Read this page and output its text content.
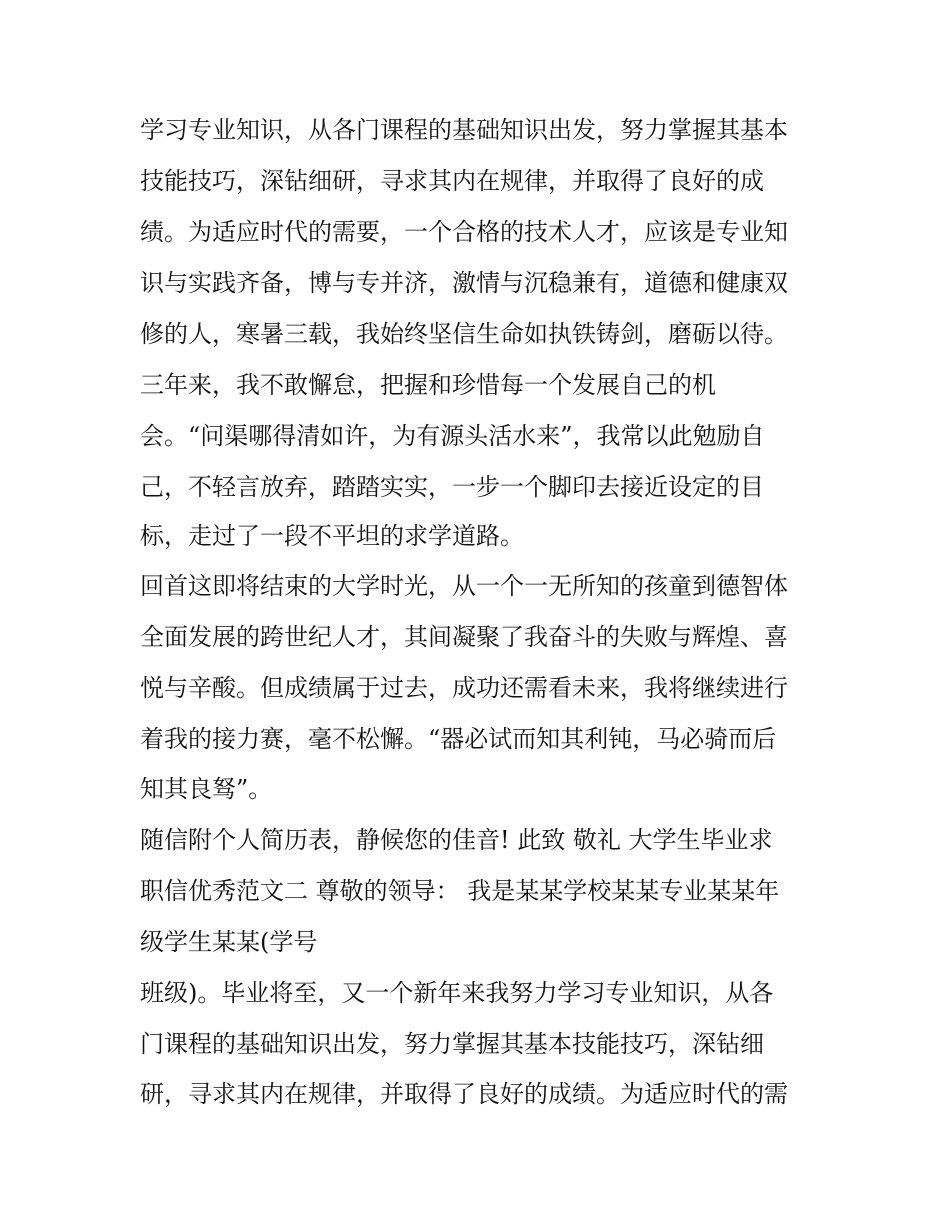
学习专业知识，从各门课程的基础知识出发，努力掌握其基本
技能技巧，深钻细研，寻求其内在规律，并取得了良好的成
绩。为适应时代的需要，一个合格的技术人才，应该是专业知
识与实践齐备，博与专并济，激情与沉稳兼有，道德和健康双
修的人，寒暑三载，我始终坚信生命如执铁铸剑，磨砺以待。
三年来，我不敢懈怠，把握和珍惜每一个发展自己的机
会。“问渠哪得清如许，为有源头活水来”，我常以此勉励自
己，不轻言放弃，踏踏实实，一步一个脚印去接近设定的目
标，走过了一段不平坦的求学道路。
回首这即将结束的大学时光，从一个一无所知的孩童到德智体
全面发展的跨世纪人才，其间凝聚了我奋斗的失败与辉煌、喜
悦与辛酸。但成绩属于过去，成功还需看未来，我将继续进行
着我的接力赛，毫不松懈。“器必试而知其利钝，马必骑而后
知其良驽”。
随信附个人简历表，静候您的佳音! 此致 敬礼 大学生毕业求
职信优秀范文二 尊敬的领导： 我是某某学校某某专业某某年
级学生某某(学号
班级)。毕业将至，又一个新年来我努力学习专业知识，从各
门课程的基础知识出发，努力掌握其基本技能技巧，深钻细
研，寻求其内在规律，并取得了良好的成绩。为适应时代的需
